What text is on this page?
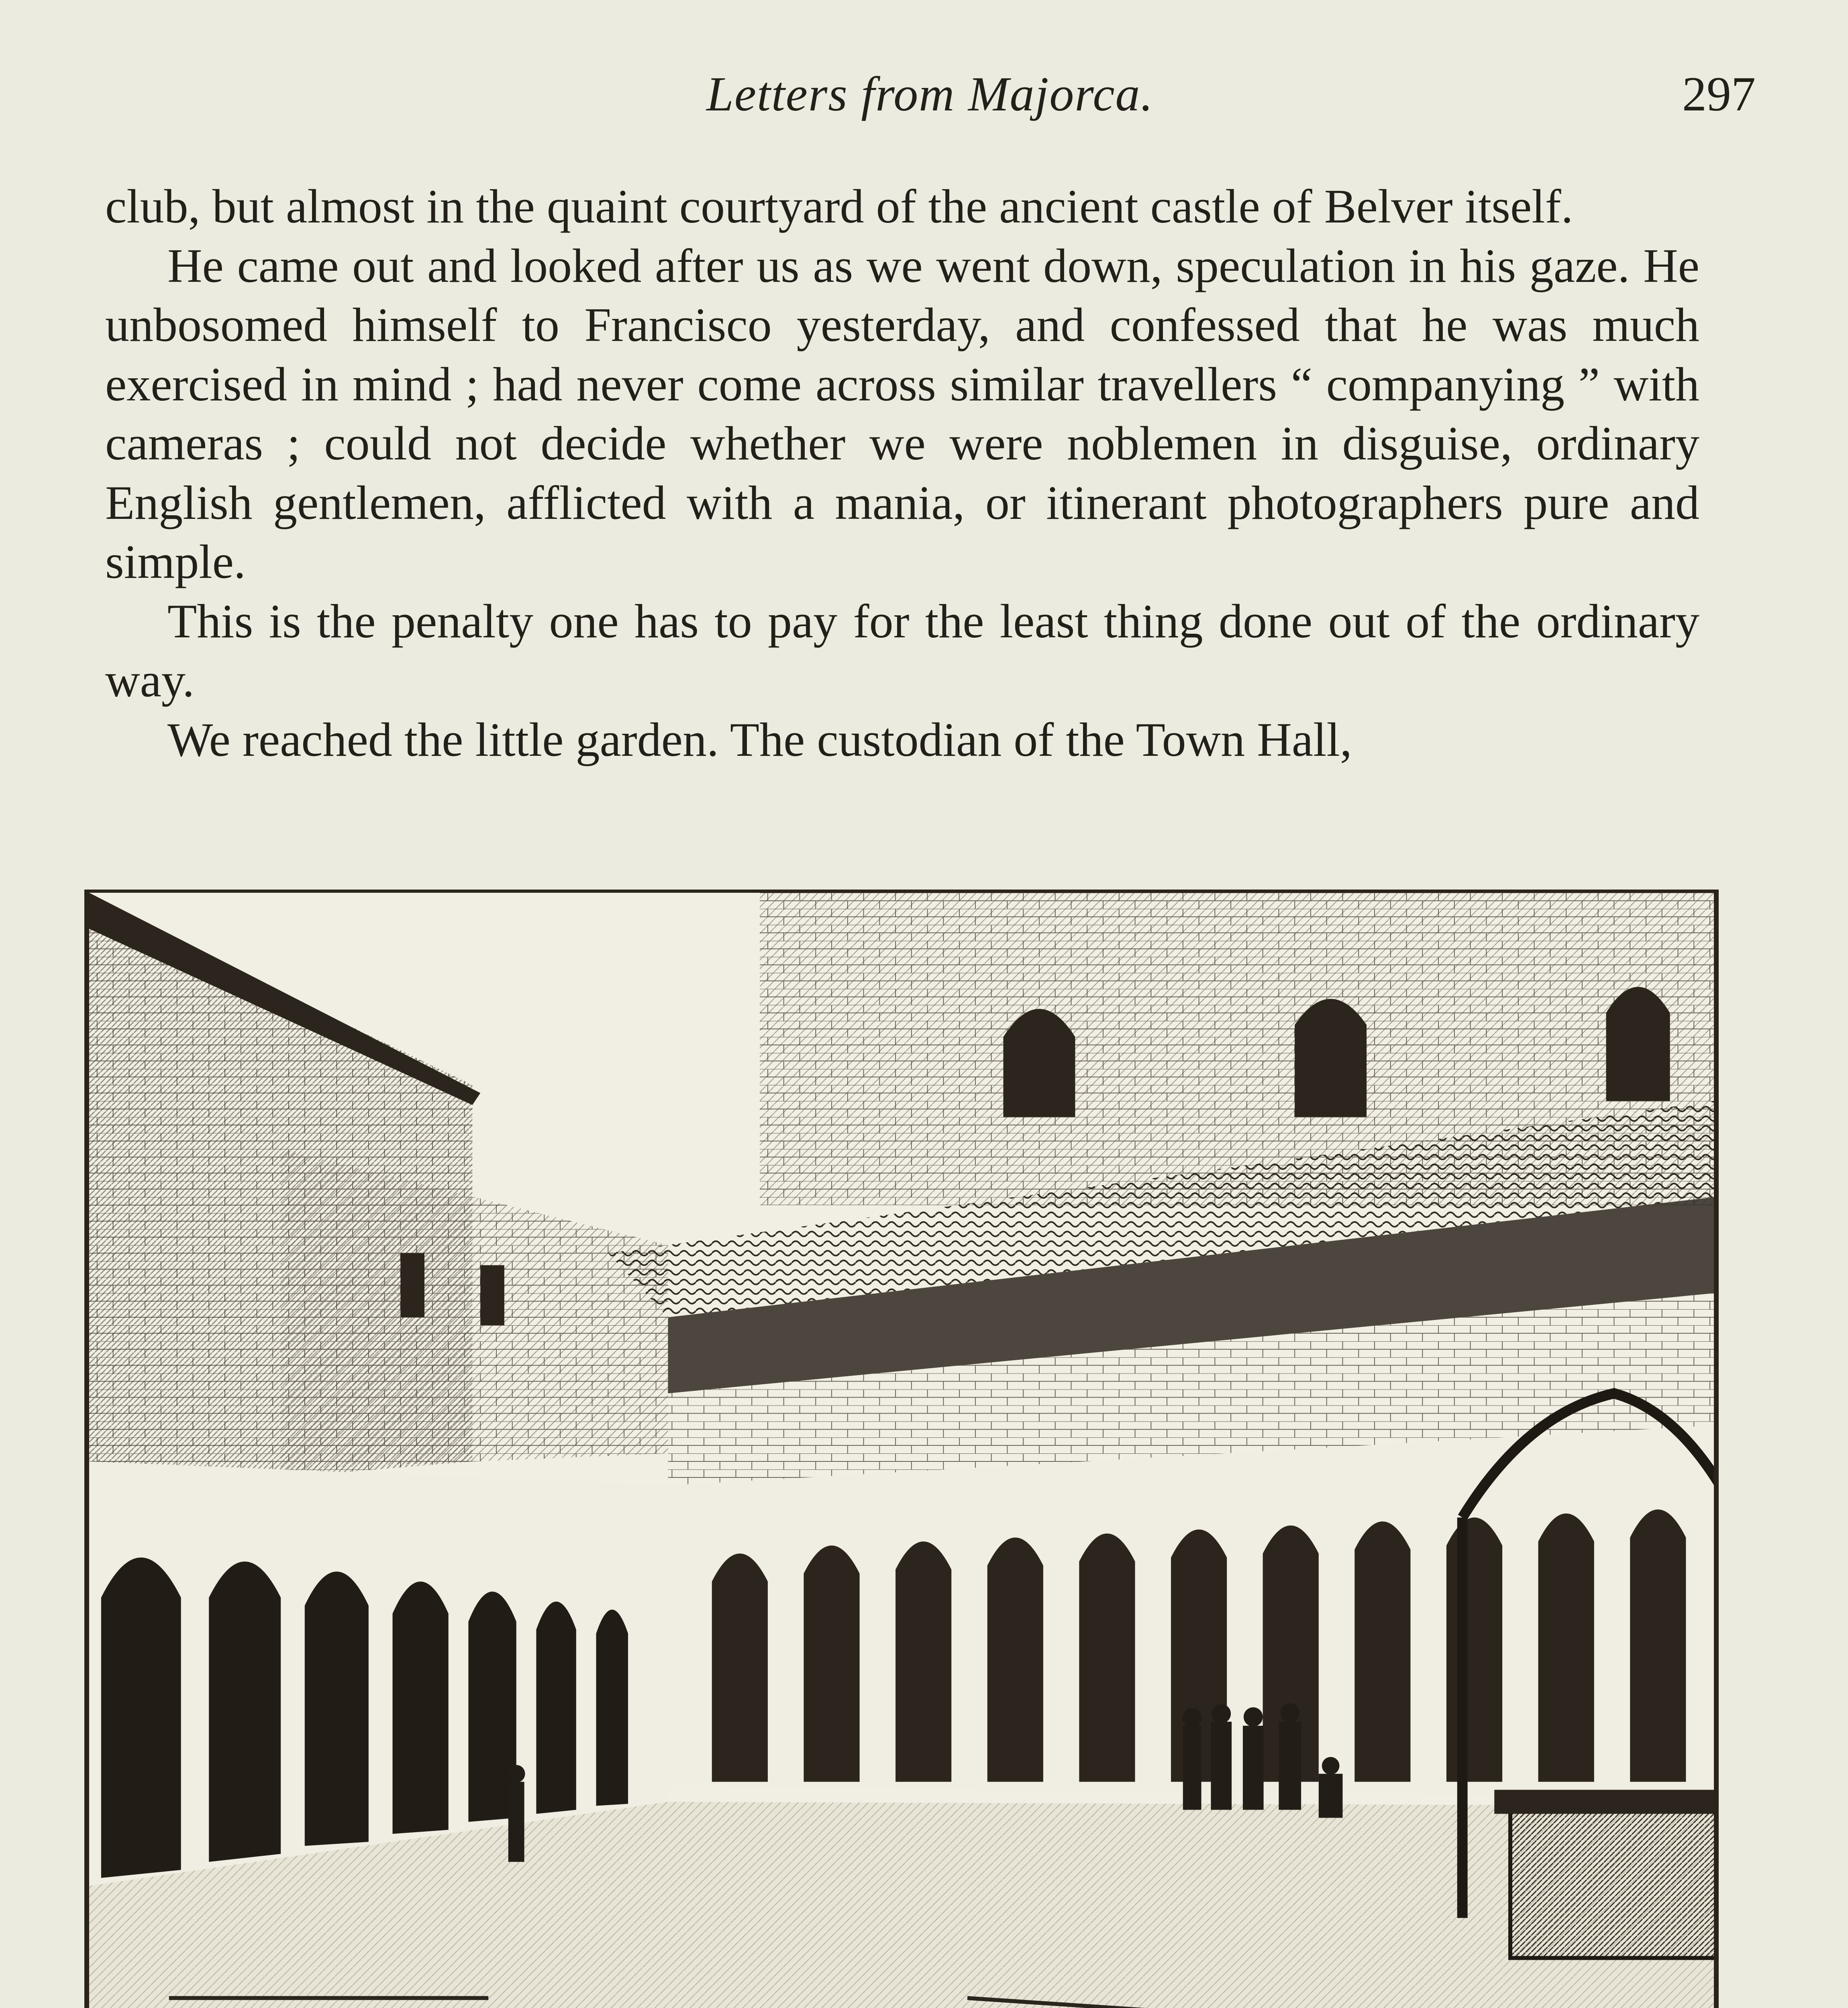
Letters from Majorca.	297

club, but almost in the quaint courtyard of the ancient castle of Belver itself.

He came out and looked after us as we went down, speculation in his gaze. He unbosomed himself to Francisco yesterday, and confessed that he was much exercised in mind ; had never come across similar travellers “ companying ” with cameras ; could not decide whether we were noblemen in disguise, ordinary English gentlemen, afflicted with a mania, or itinerant photographers pure and simple.

This is the penalty one has to pay for the least thing done out of the ordinary way.

We reached the little garden. The custodian of the Town Hall,
